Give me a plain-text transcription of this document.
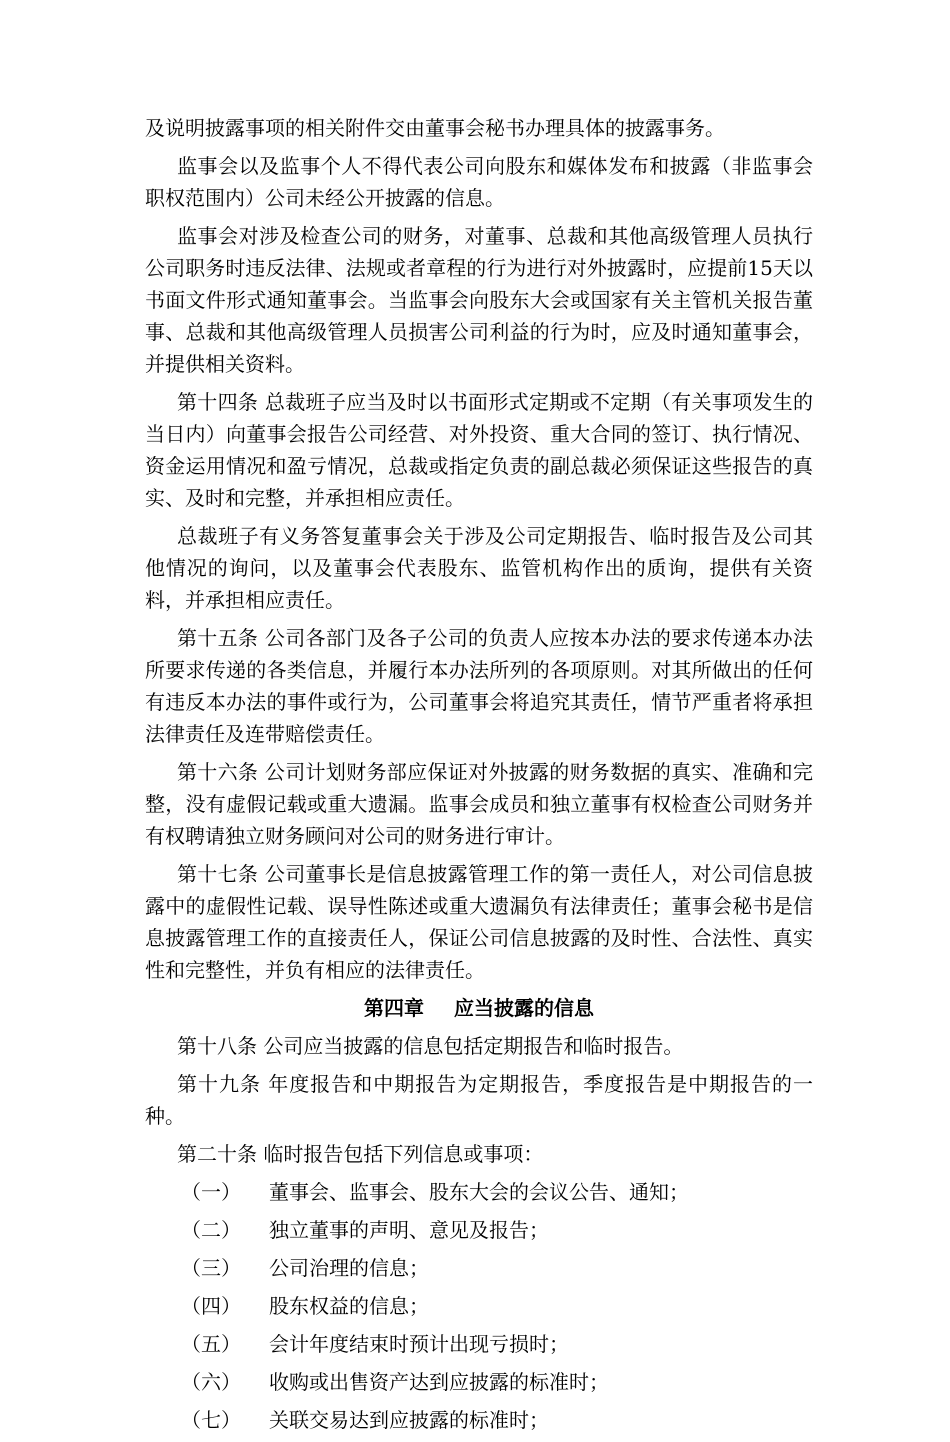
及说明披露事项的相关附件交由董事会秘书办理具体的披露事务。

监事会以及监事个人不得代表公司向股东和媒体发布和披露（非监事会职权范围内）公司未经公开披露的信息。

监事会对涉及检查公司的财务，对董事、总裁和其他高级管理人员执行公司职务时违反法律、法规或者章程的行为进行对外披露时，应提前15天以书面文件形式通知董事会。当监事会向股东大会或国家有关主管机关报告董事、总裁和其他高级管理人员损害公司利益的行为时，应及时通知董事会，并提供相关资料。

第十四条 总裁班子应当及时以书面形式定期或不定期（有关事项发生的当日内）向董事会报告公司经营、对外投资、重大合同的签订、执行情况、资金运用情况和盈亏情况，总裁或指定负责的副总裁必须保证这些报告的真实、及时和完整，并承担相应责任。

总裁班子有义务答复董事会关于涉及公司定期报告、临时报告及公司其他情况的询问，以及董事会代表股东、监管机构作出的质询，提供有关资料，并承担相应责任。

第十五条 公司各部门及各子公司的负责人应按本办法的要求传递本办法所要求传递的各类信息，并履行本办法所列的各项原则。对其所做出的任何有违反本办法的事件或行为，公司董事会将追究其责任，情节严重者将承担法律责任及连带赔偿责任。

第十六条 公司计划财务部应保证对外披露的财务数据的真实、准确和完整，没有虚假记载或重大遗漏。监事会成员和独立董事有权检查公司财务并有权聘请独立财务顾问对公司的财务进行审计。

第十七条 公司董事长是信息披露管理工作的第一责任人，对公司信息披露中的虚假性记载、误导性陈述或重大遗漏负有法律责任；董事会秘书是信息披露管理工作的直接责任人，保证公司信息披露的及时性、合法性、真实性和完整性，并负有相应的法律责任。

第四章 应当披露的信息

第十八条 公司应当披露的信息包括定期报告和临时报告。

第十九条 年度报告和中期报告为定期报告，季度报告是中期报告的一种。

第二十条 临时报告包括下列信息或事项：

（一）	董事会、监事会、股东大会的会议公告、通知；
（二）	独立董事的声明、意见及报告；
（三）	公司治理的信息；
（四）	股东权益的信息；
（五）	会计年度结束时预计出现亏损时；
（六）	收购或出售资产达到应披露的标准时；
（七）	关联交易达到应披露的标准时；
